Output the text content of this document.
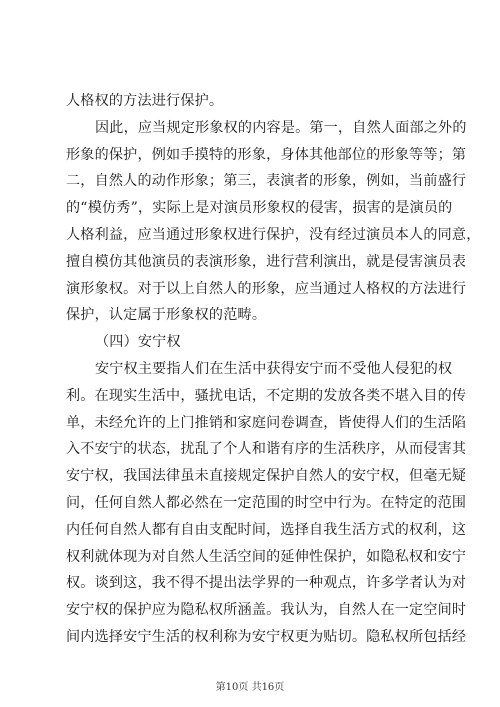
人格权的方法进行保护。
因此，应当规定形象权的内容是。第一，自然人面部之外的
形象的保护，例如手摸特的形象，身体其他部位的形象等等；第
二，自然人的动作形象；第三，表演者的形象，例如，当前盛行
的“模仿秀”，实际上是对演员形象权的侵害，损害的是演员的
人格利益，应当通过形象权进行保护，没有经过演员本人的同意，
擅自模仿其他演员的表演形象，进行营利演出，就是侵害演员表
演形象权。对于以上自然人的形象，应当通过人格权的方法进行
保护，认定属于形象权的范畴。
（四）安宁权
安宁权主要指人们在生活中获得安宁而不受他人侵犯的权
利。在现实生活中，骚扰电话，不定期的发放各类不堪入目的传
单，未经允许的上门推销和家庭问卷调查，皆使得人们的生活陷
入不安宁的状态，扰乱了个人和谐有序的生活秩序，从而侵害其
安宁权，我国法律虽未直接规定保护自然人的安宁权，但毫无疑
问，任何自然人都必然在一定范围的时空中行为。在特定的范围
内任何自然人都有自由支配时间，选择自我生活方式的权利，这
权利就体现为对自然人生活空间的延伸性保护，如隐私权和安宁
权。谈到这，我不得不提出法学界的一种观点，许多学者认为对
安宁权的保护应为隐私权所涵盖。我认为，自然人在一定空间时
间内选择安宁生活的权利称为安宁权更为贴切。隐私权所包括经
第10页 共16页
